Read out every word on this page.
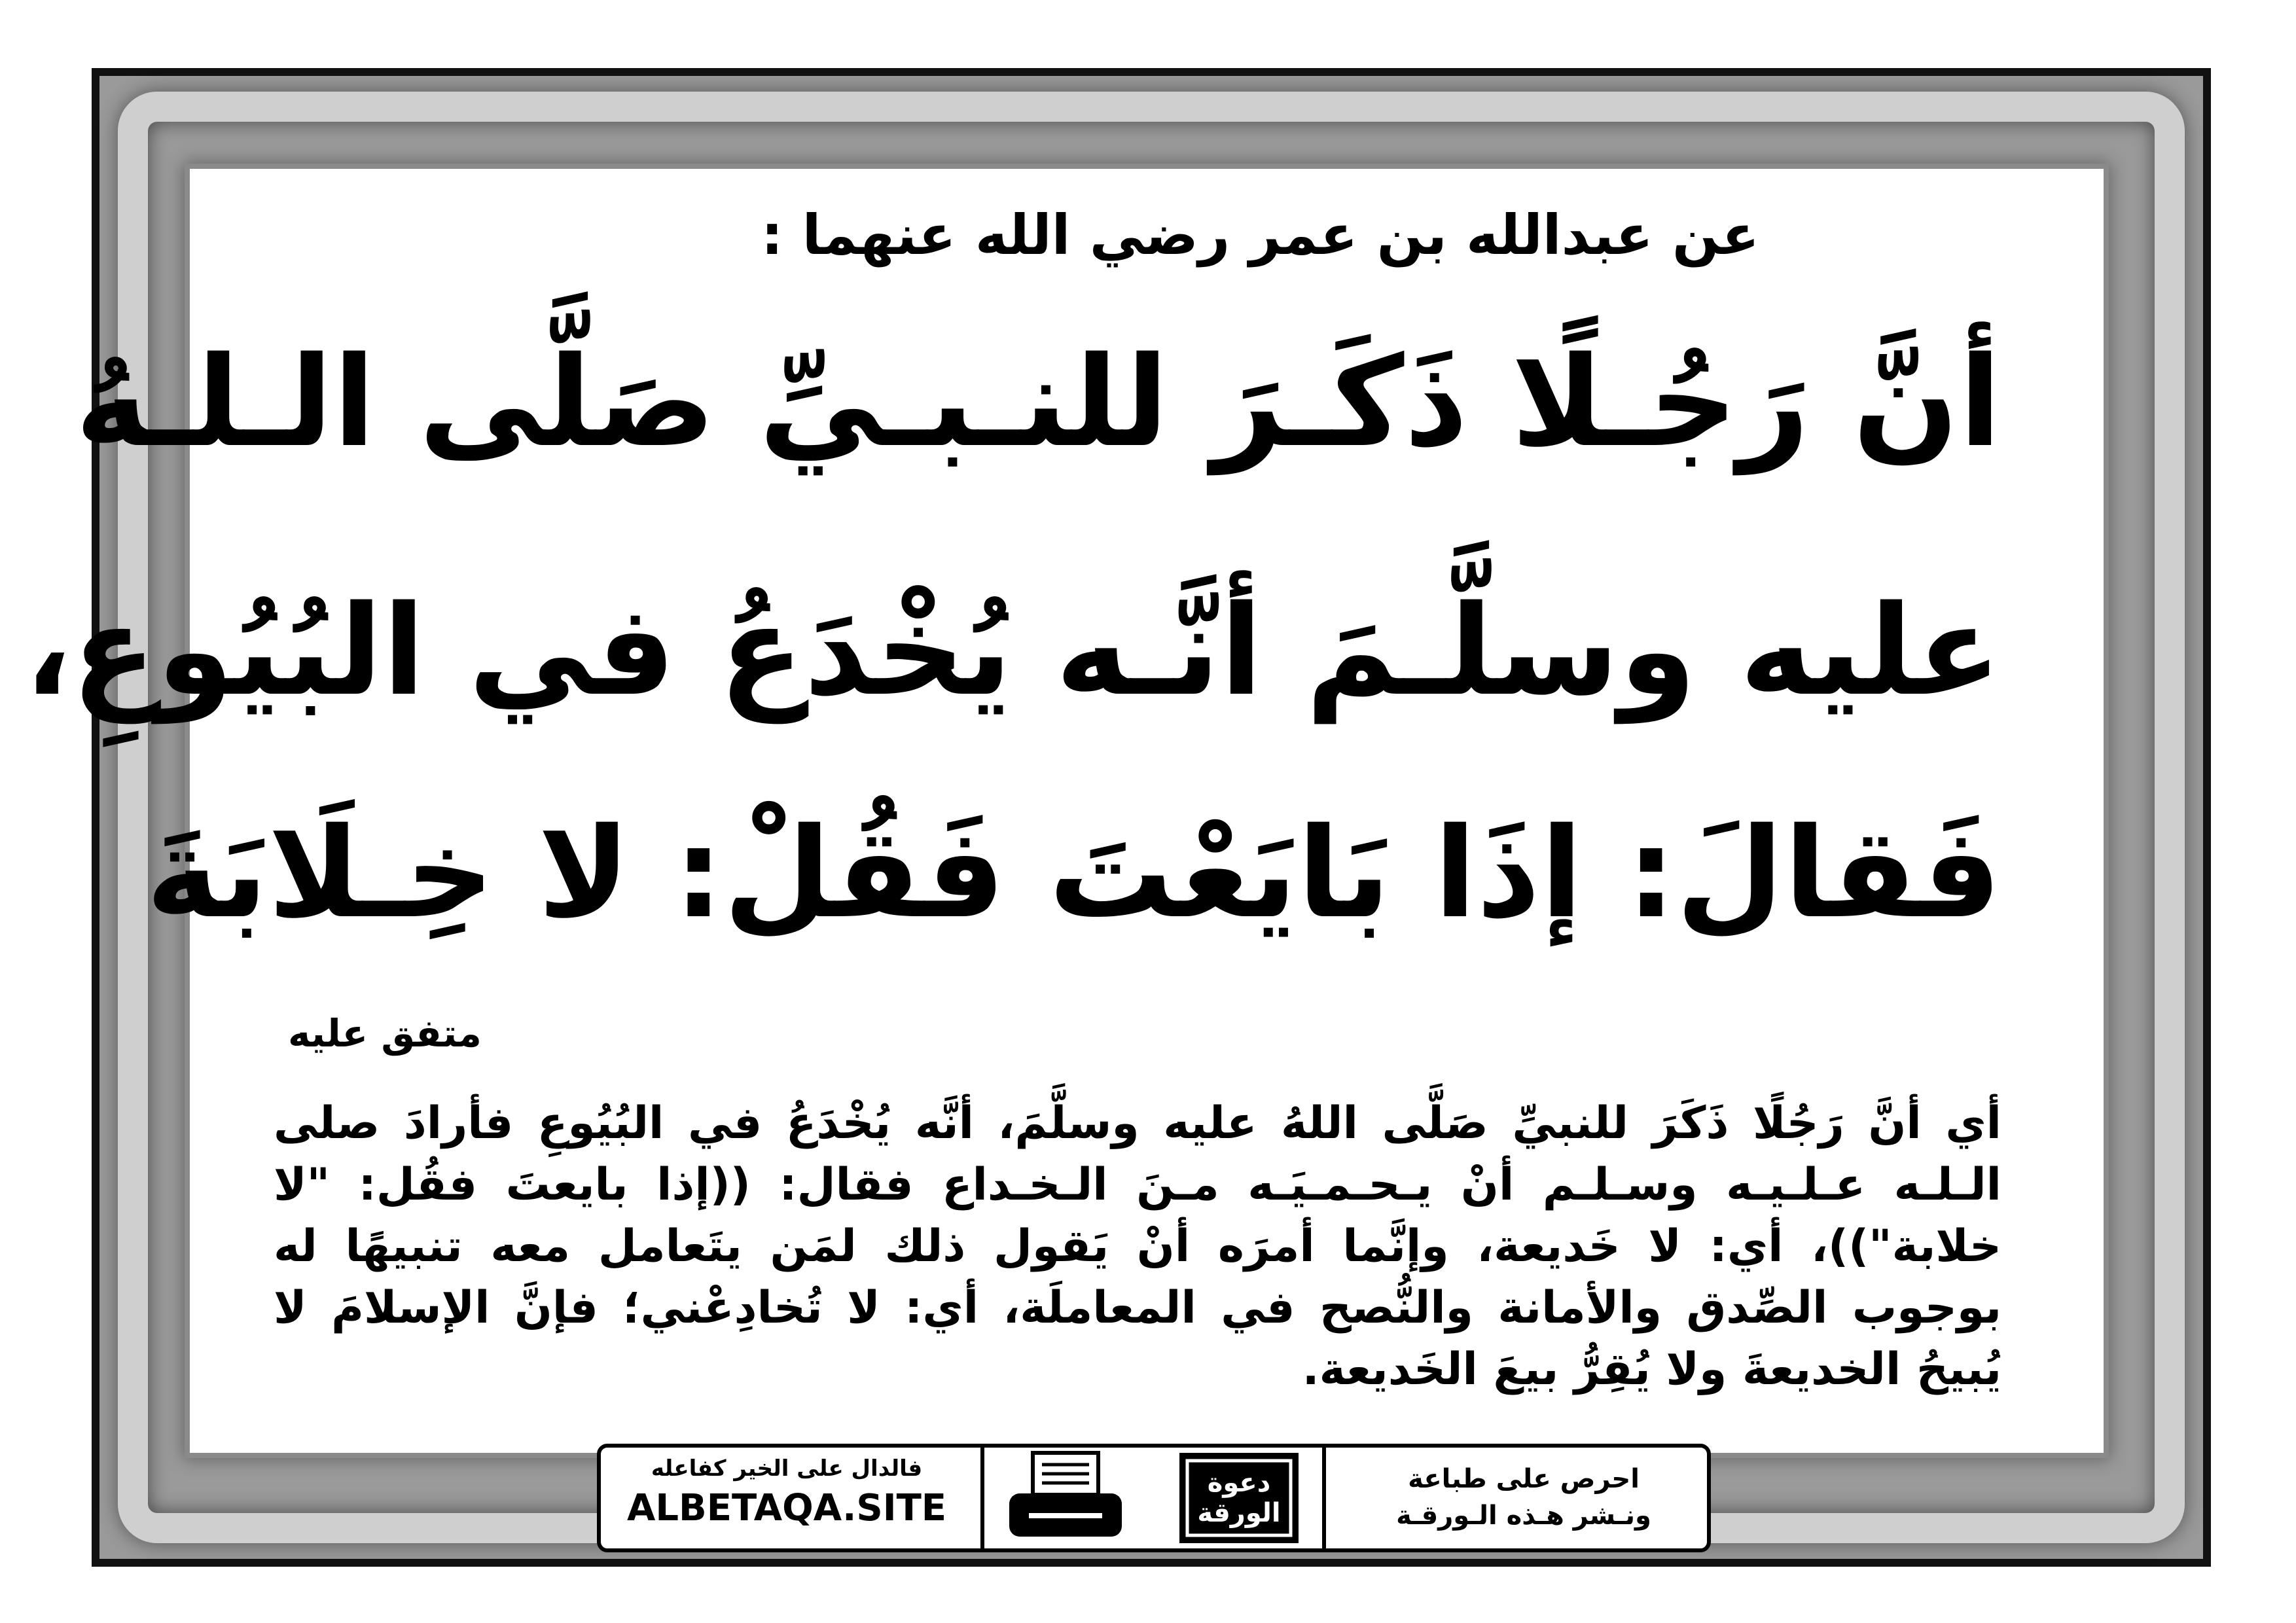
عن عبدالله بن عمر رضي الله عنهما :
أنَّ رَجُـلًا ذَكَـرَ للنـبـيِّ صَلَّى الـلـهُ
عليه وسلَّـمَ أنَّـه يُخْدَعُ في البُيُوعِ،
فَقالَ: إذَا بَايَعْتَ فَقُلْ: لا خِـلَابَةَ
متفق عليه
أي أنَّ رَجُلًا ذَكَرَ للنبيِّ صَلَّى اللهُ عليه وسلَّمَ، أنَّه يُخْدَعُ في البُيُوعِ فأرادَ صلى الـلـه عـلـيـه وسـلـم أنْ يـحـمـيَـه مـنَ الـخـداع فقال: ((إذا بايعتَ فقُل: "لا خلابة"))، أي: لا خَديعة، وإنَّما أمرَه أنْ يَقول ذلك لمَن يتَعامل معه تنبيهًا له بوجوب الصِّدق والأمانة والنُّصح في المعاملَة، أي: لا تُخادِعْني؛ فإنَّ الإسلامَ لا يُبيحُ الخديعةَ ولا يُقِرُّ بيعَ الخَديعة.
فالدال على الخير كفاعله
ALBETAQA.SITE
دعوة الورقة
احرص على طباعة
ونـشر هـذه الـورقـة
